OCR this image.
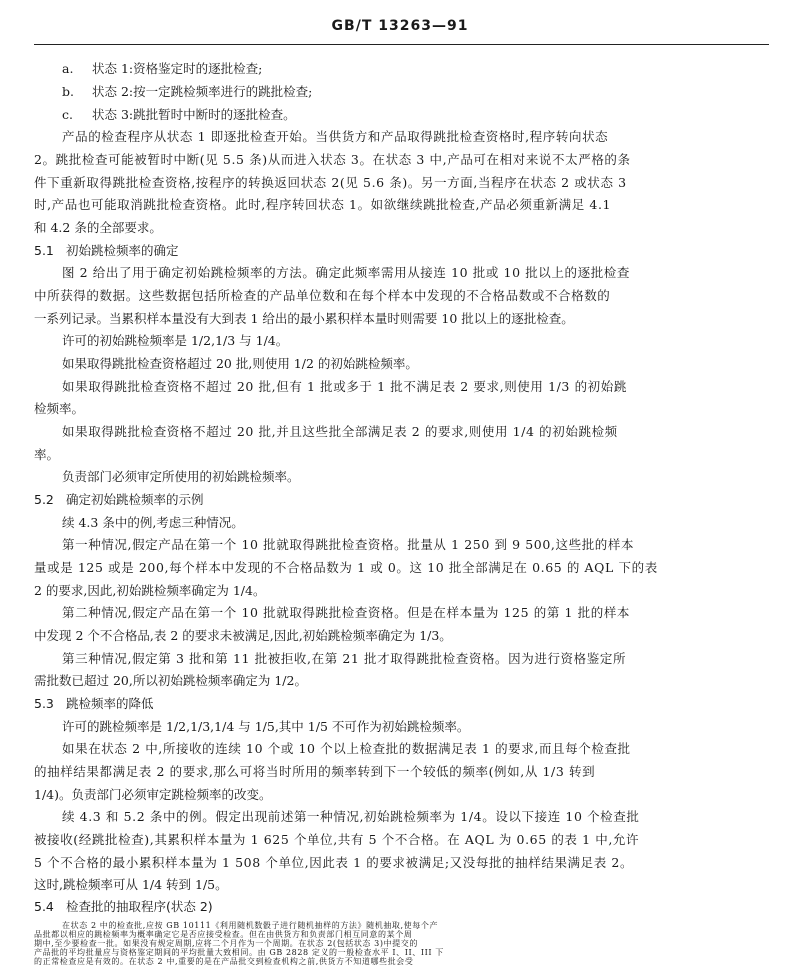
GB/T 13263—91
a. 状态 1:资格鉴定时的逐批检查;
b. 状态 2:按一定跳检频率进行的跳批检查;
c. 状态 3:跳批暂时中断时的逐批检查。
产品的检查程序从状态 1 即逐批检查开始。当供货方和产品取得跳批检查资格时,程序转向状态
2。跳批检查可能被暂时中断(见 5.5 条)从而进入状态 3。在状态 3 中,产品可在相对来说不太严格的条
件下重新取得跳批检查资格,按程序的转换返回状态 2(见 5.6 条)。另一方面,当程序在状态 2 或状态 3
时,产品也可能取消跳批检查资格。此时,程序转回状态 1。如欲继续跳批检查,产品必须重新满足 4.1
和 4.2 条的全部要求。
5.1 初始跳检频率的确定
图 2 给出了用于确定初始跳检频率的方法。确定此频率需用从接连 10 批或 10 批以上的逐批检查
中所获得的数据。这些数据包括所检查的产品单位数和在每个样本中发现的不合格品数或不合格数的
一系列记录。当累积样本量没有大到表 1 给出的最小累积样本量时则需要 10 批以上的逐批检查。
许可的初始跳检频率是 1/2,1/3 与 1/4。
如果取得跳批检查资格超过 20 批,则使用 1/2 的初始跳检频率。
如果取得跳批检查资格不超过 20 批,但有 1 批或多于 1 批不满足表 2 要求,则使用 1/3 的初始跳
检频率。
如果取得跳批检查资格不超过 20 批,并且这些批全部满足表 2 的要求,则使用 1/4 的初始跳检频
率。
负责部门必须审定所使用的初始跳检频率。
5.2 确定初始跳检频率的示例
续 4.3 条中的例,考虑三种情况。
第一种情况,假定产品在第一个 10 批就取得跳批检查资格。批量从 1 250 到 9 500,这些批的样本
量或是 125 或是 200,每个样本中发现的不合格品数为 1 或 0。这 10 批全部满足在 0.65 的 AQL 下的表
2 的要求,因此,初始跳检频率确定为 1/4。
第二种情况,假定产品在第一个 10 批就取得跳批检查资格。但是在样本量为 125 的第 1 批的样本
中发现 2 个不合格品,表 2 的要求未被满足,因此,初始跳检频率确定为 1/3。
第三种情况,假定第 3 批和第 11 批被拒收,在第 21 批才取得跳批检查资格。因为进行资格鉴定所
需批数已超过 20,所以初始跳检频率确定为 1/2。
5.3 跳检频率的降低
许可的跳检频率是 1/2,1/3,1/4 与 1/5,其中 1/5 不可作为初始跳检频率。
如果在状态 2 中,所接收的连续 10 个或 10 个以上检查批的数据满足表 1 的要求,而且每个检查批
的抽样结果都满足表 2 的要求,那么可将当时所用的频率转到下一个较低的频率(例如,从 1/3 转到
1/4)。负责部门必须审定跳检频率的改变。
续 4.3 和 5.2 条中的例。假定出现前述第一种情况,初始跳检频率为 1/4。设以下接连 10 个检查批
被接收(经跳批检查),其累积样本量为 1 625 个单位,共有 5 个不合格。在 AQL 为 0.65 的表 1 中,允许
5 个不合格的最小累积样本量为 1 508 个单位,因此表 1 的要求被满足;又没每批的抽样结果满足表 2。
这时,跳检频率可从 1/4 转到 1/5。
5.4 检查批的抽取程序(状态 2)
在状态 2 中的检查批,应按 GB 10111《利用随机数骰子进行随机抽样的方法》随机抽取,使每个产
品批都以相应的跳检频率为概率确定它是否应接受检查。但在由供货方和负责部门相互同意的某个周
期中,至少要检查一批。如果没有规定周期,应将二个月作为一个周期。在状态 2(包括状态 3)中提交的
产品批的平均批量应与资格鉴定期间的平均批量大致相同。由 GB 2828 定义的一般检查水平 I、II、III 下
的正常检查应是有效的。在状态 2 中,重要的是在产品批交到检查机构之前,供货方不知道哪些批会受
